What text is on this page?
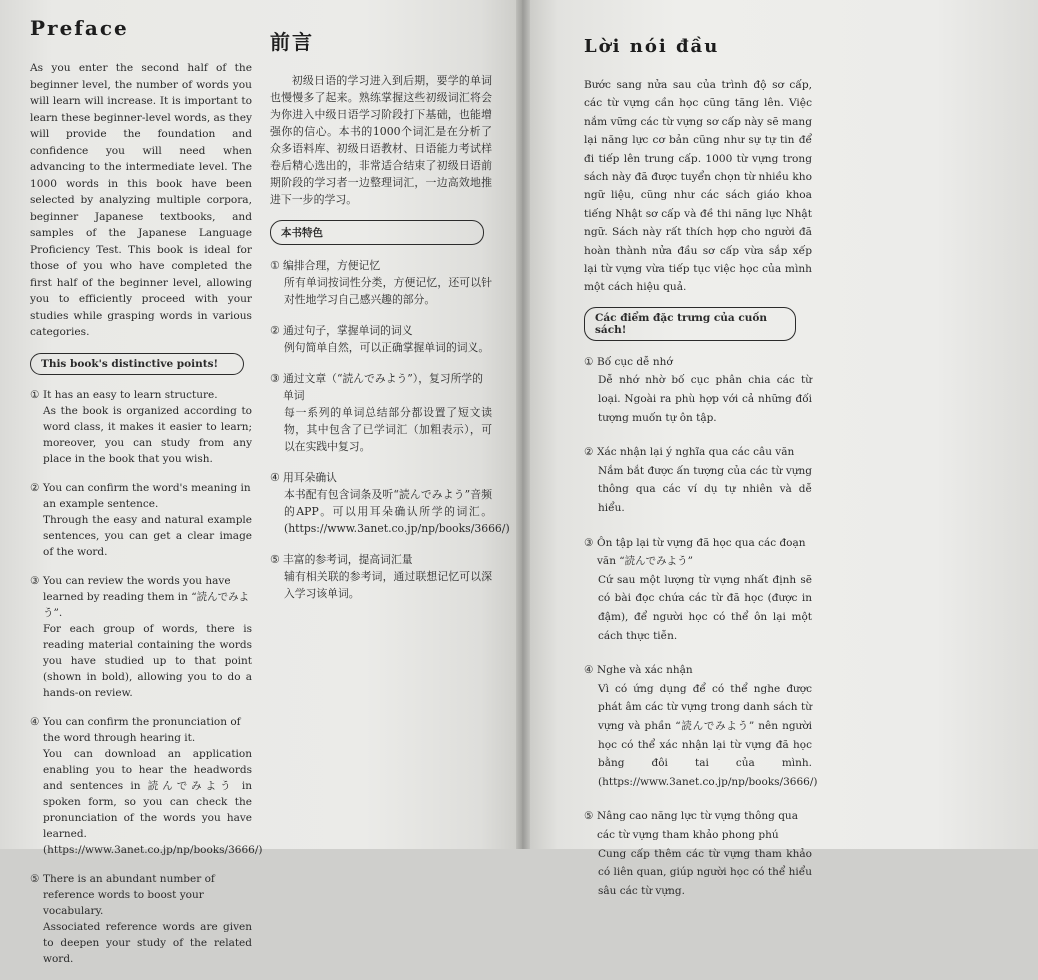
Preface
As you enter the second half of the beginner level, the number of words you will learn will increase. It is important to learn these beginner-level words, as they will provide the foundation and confidence you will need when advancing to the intermediate level. The 1000 words in this book have been selected by analyzing multiple corpora, beginner Japanese textbooks, and samples of the Japanese Language Proficiency Test. This book is ideal for those of you who have completed the first half of the beginner level, allowing you to efficiently proceed with your studies while grasping words in various categories.
This book's distinctive points!
① It has an easy to learn structure.
As the book is organized according to word class, it makes it easier to learn; moreover, you can study from any place in the book that you wish.
② You can confirm the word's meaning in an example sentence.
Through the easy and natural example sentences, you can get a clear image of the word.
③ You can review the words you have learned by reading them in “読んでみよう”.
For each group of words, there is reading material containing the words you have studied up to that point (shown in bold), allowing you to do a hands-on review.
④ You can confirm the pronunciation of the word through hearing it.
You can download an application enabling you to hear the headwords and sentences in 読んでみよう in spoken form, so you can check the pronunciation of the words you have learned. (https://www.3anet.co.jp/np/books/3666/)
⑤ There is an abundant number of reference words to boost your vocabulary.
Associated reference words are given to deepen your study of the related word.
前言
初级日语的学习进入到后期，要学的单词也慢慢多了起来。熟练掌握这些初级词汇将会为你进入中级日语学习阶段打下基础，也能增强你的信心。本书的1000个词汇是在分析了众多语料库、初级日语教材、日语能力考试样卷后精心选出的，非常适合结束了初级日语前期阶段的学习者一边整理词汇，一边高效地推进下一步的学习。
本书特色
① 编排合理，方便记忆
所有单词按词性分类，方便记忆，还可以针对性地学习自己感兴趣的部分。
② 通过句子，掌握单词的词义
例句简单自然，可以正确掌握单词的词义。
③ 通过文章（“読んでみよう”），复习所学的单词
每一系列的单词总结部分都设置了短文读物，其中包含了已学词汇（加粗表示），可以在实践中复习。
④ 用耳朵确认
本书配有包含词条及听“読んでみよう”音频的APP。可以用耳朵确认所学的词汇。(https://www.3anet.co.jp/np/books/3666/)
⑤ 丰富的参考词，提高词汇量
辅有相关联的参考词，通过联想记忆可以深入学习该单词。
Lời nói đầu
Bước sang nửa sau của trình độ sơ cấp, các từ vựng cần học cũng tăng lên. Việc nắm vững các từ vựng sơ cấp này sẽ mang lại năng lực cơ bản cũng như sự tự tin để đi tiếp lên trung cấp. 1000 từ vựng trong sách này đã được tuyển chọn từ nhiều kho ngữ liệu, cũng như các sách giáo khoa tiếng Nhật sơ cấp và đề thi năng lực Nhật ngữ. Sách này rất thích hợp cho người đã hoàn thành nửa đầu sơ cấp vừa sắp xếp lại từ vựng vừa tiếp tục việc học của mình một cách hiệu quả.
Các điểm đặc trưng của cuốn sách!
① Bố cục dễ nhớ
Dễ nhớ nhờ bố cục phân chia các từ loại. Ngoài ra phù hợp với cả những đối tượng muốn tự ôn tập.
② Xác nhận lại ý nghĩa qua các câu văn
Nắm bắt được ấn tượng của các từ vựng thông qua các ví dụ tự nhiên và dễ hiểu.
③ Ôn tập lại từ vựng đã học qua các đoạn văn “読んでみよう”
Cứ sau một lượng từ vựng nhất định sẽ có bài đọc chứa các từ đã học (được in đậm), để người học có thể ôn lại một cách thực tiễn.
④ Nghe và xác nhận
Vì có ứng dụng để có thể nghe được phát âm các từ vựng trong danh sách từ vựng và phần “読んでみよう” nên người học có thể xác nhận lại từ vựng đã học bằng đôi tai của mình. (https://www.3anet.co.jp/np/books/3666/)
⑤ Nâng cao năng lực từ vựng thông qua các từ vựng tham khảo phong phú
Cung cấp thêm các từ vựng tham khảo có liên quan, giúp người học có thể hiểu sâu các từ vựng.
